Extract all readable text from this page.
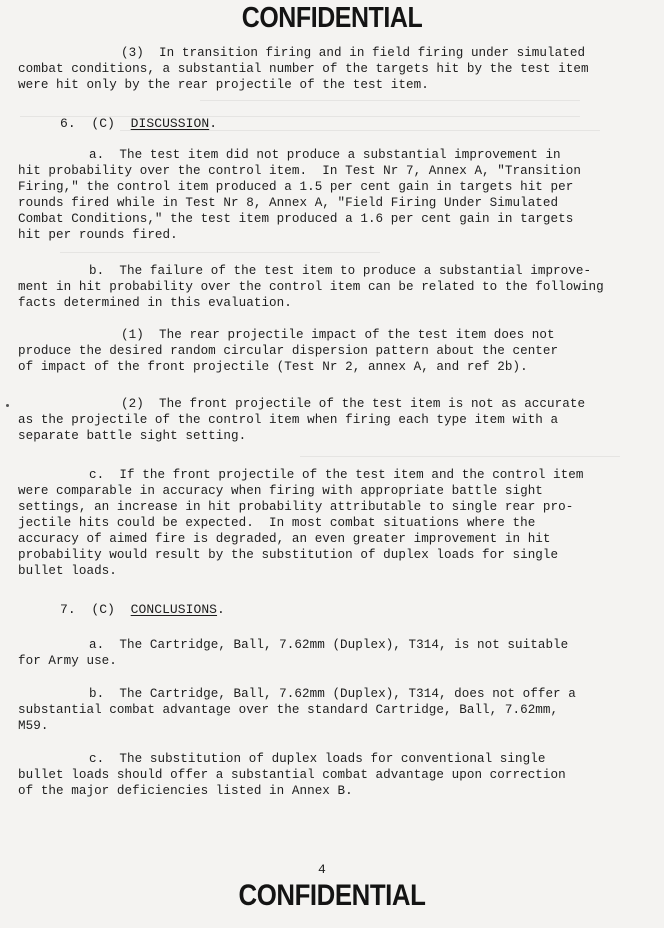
CONFIDENTIAL
(3)  In transition firing and in field firing under simulated
combat conditions, a substantial number of the targets hit by the test item
were hit only by the rear projectile of the test item.
6. (C) DISCUSSION.
a.  The test item did not produce a substantial improvement in
hit probability over the control item.  In Test Nr 7, Annex A, "Transition
Firing," the control item produced a 1.5 per cent gain in targets hit per
rounds fired while in Test Nr 8, Annex A, "Field Firing Under Simulated
Combat Conditions," the test item produced a 1.6 per cent gain in targets
hit per rounds fired.
b.  The failure of the test item to produce a substantial improve-
ment in hit probability over the control item can be related to the following
facts determined in this evaluation.
(1)  The rear projectile impact of the test item does not
produce the desired random circular dispersion pattern about the center
of impact of the front projectile (Test Nr 2, annex A, and ref 2b).
(2)  The front projectile of the test item is not as accurate
as the projectile of the control item when firing each type item with a
separate battle sight setting.
c.  If the front projectile of the test item and the control item
were comparable in accuracy when firing with appropriate battle sight
settings, an increase in hit probability attributable to single rear pro-
jectile hits could be expected.  In most combat situations where the
accuracy of aimed fire is degraded, an even greater improvement in hit
probability would result by the substitution of duplex loads for single
bullet loads.
7. (C) CONCLUSIONS.
a.  The Cartridge, Ball, 7.62mm (Duplex), T314, is not suitable
for Army use.
b.  The Cartridge, Ball, 7.62mm (Duplex), T314, does not offer a
substantial combat advantage over the standard Cartridge, Ball, 7.62mm,
M59.
c.  The substitution of duplex loads for conventional single
bullet loads should offer a substantial combat advantage upon correction
of the major deficiencies listed in Annex B.
4
CONFIDENTIAL
